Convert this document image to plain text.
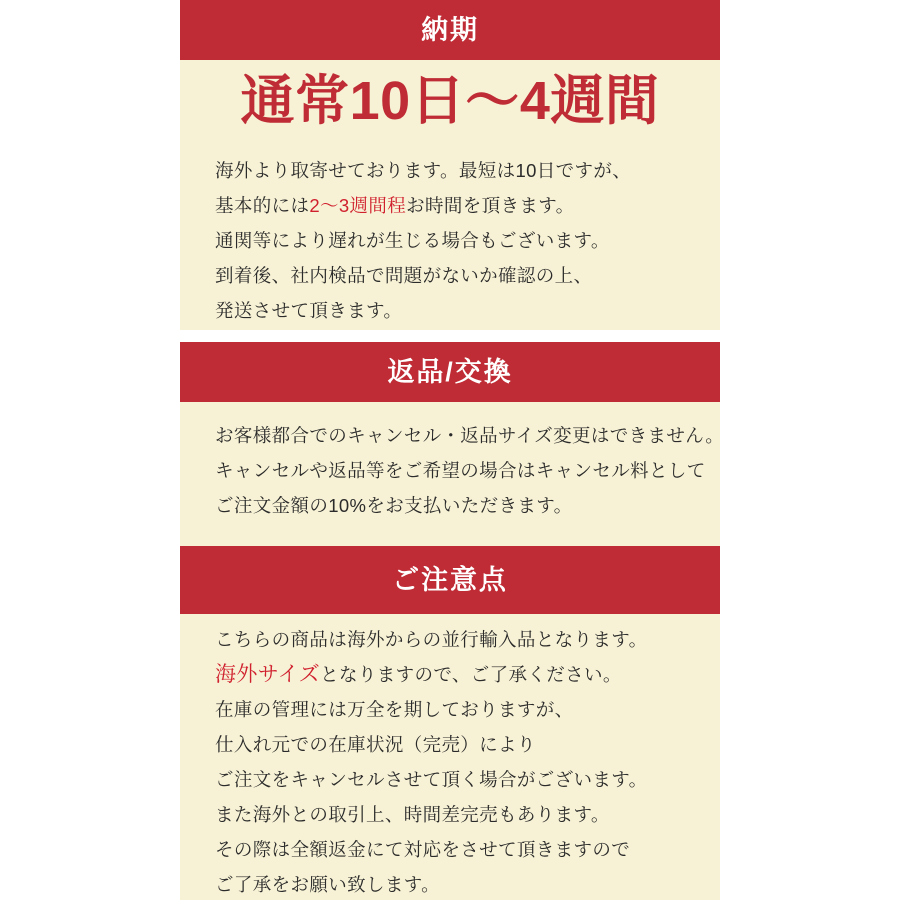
納期
通常10日〜4週間
海外より取寄せております。最短は10日ですが、
基本的には2〜3週間程お時間を頂きます。
通関等により遅れが生じる場合もございます。
到着後、社内検品で問題がないか確認の上、
発送させて頂きます。
返品/交換
お客様都合でのキャンセル・返品サイズ変更はできません。
キャンセルや返品等をご希望の場合はキャンセル料として
ご注文金額の10%をお支払いただきます。
ご注意点
こちらの商品は海外からの並行輸入品となります。
海外サイズとなりますので、ご了承ください。
在庫の管理には万全を期しておりますが、
仕入れ元での在庫状況（完売）により
ご注文をキャンセルさせて頂く場合がございます。
また海外との取引上、時間差完売もあります。
その際は全額返金にて対応をさせて頂きますので
ご了承をお願い致します。
